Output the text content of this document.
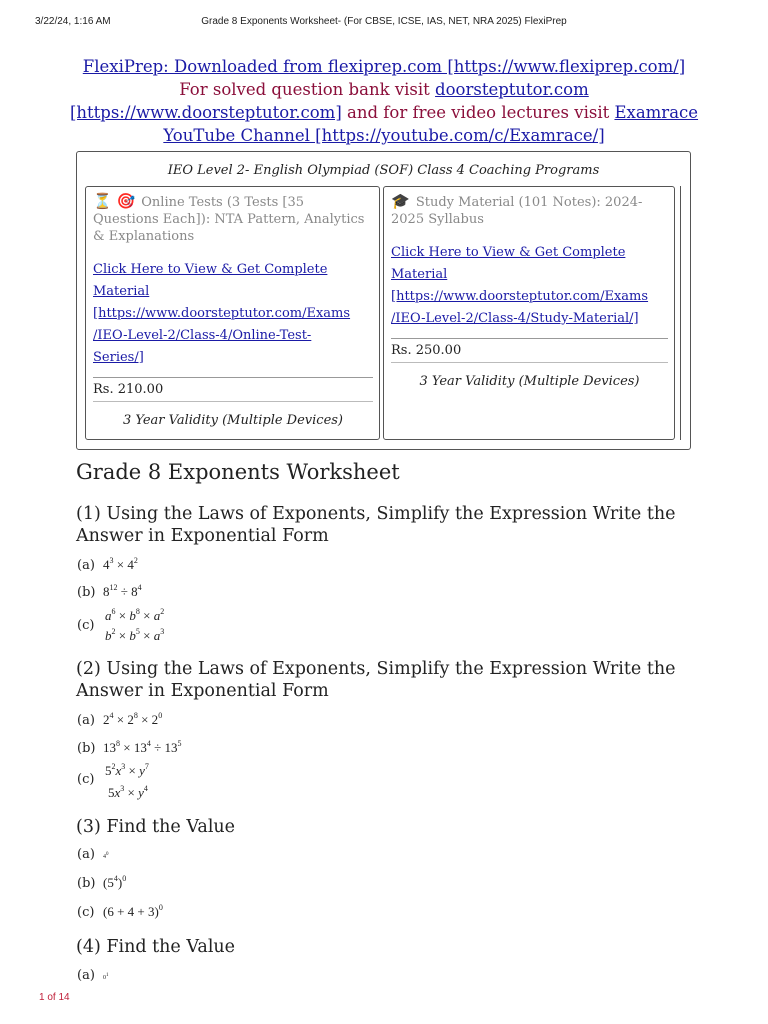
3/22/24, 1:16 AM	Grade 8 Exponents Worksheet- (For CBSE, ICSE, IAS, NET, NRA 2025) FlexiPrep
FlexiPrep: Downloaded from flexiprep.com [https://www.flexiprep.com/]
For solved question bank visit doorsteptutor.com
[https://www.doorsteptutor.com] and for free video lectures visit Examrace
YouTube Channel [https://youtube.com/c/Examrace/]
IEO Level 2- English Olympiad (SOF) Class 4 Coaching Programs
⏳ 🎯 Online Tests (3 Tests [35 Questions Each]): NTA Pattern, Analytics & Explanations
Click Here to View & Get Complete
Material
[https://www.doorsteptutor.com/Exams
/IEO-Level-2/Class-4/Online-Test-
Series/]
Rs. 210.00
3 Year Validity (Multiple Devices)
🎓 Study Material (101 Notes): 2024-2025 Syllabus
Click Here to View & Get Complete
Material
[https://www.doorsteptutor.com/Exams
/IEO-Level-2/Class-4/Study-Material/]
Rs. 250.00
3 Year Validity (Multiple Devices)
Grade 8 Exponents Worksheet
(1) Using the Laws of Exponents, Simplify the Expression Write the Answer in Exponential Form
(a) $4^3 \times 4^2$
(b) $8^{12} \div 8^4$
(c)
$a^6 \times b^8 \times a^2$
$b^2 \times b^5 \times a^3$
(2) Using the Laws of Exponents, Simplify the Expression Write the Answer in Exponential Form
(a) $2^4 \times 2^8 \times 2^0$
(b) $13^8 \times 13^4 \div 13^5$
(c)
$5^2x^3 \times y^7$
$5x^3 \times y^4$
(3) Find the Value
(a) $4^0$
(b) $(5^4)^0$
(c) $(6 + 4 + 3)^0$
(4) Find the Value
(a) $0^1$
1 of 14
